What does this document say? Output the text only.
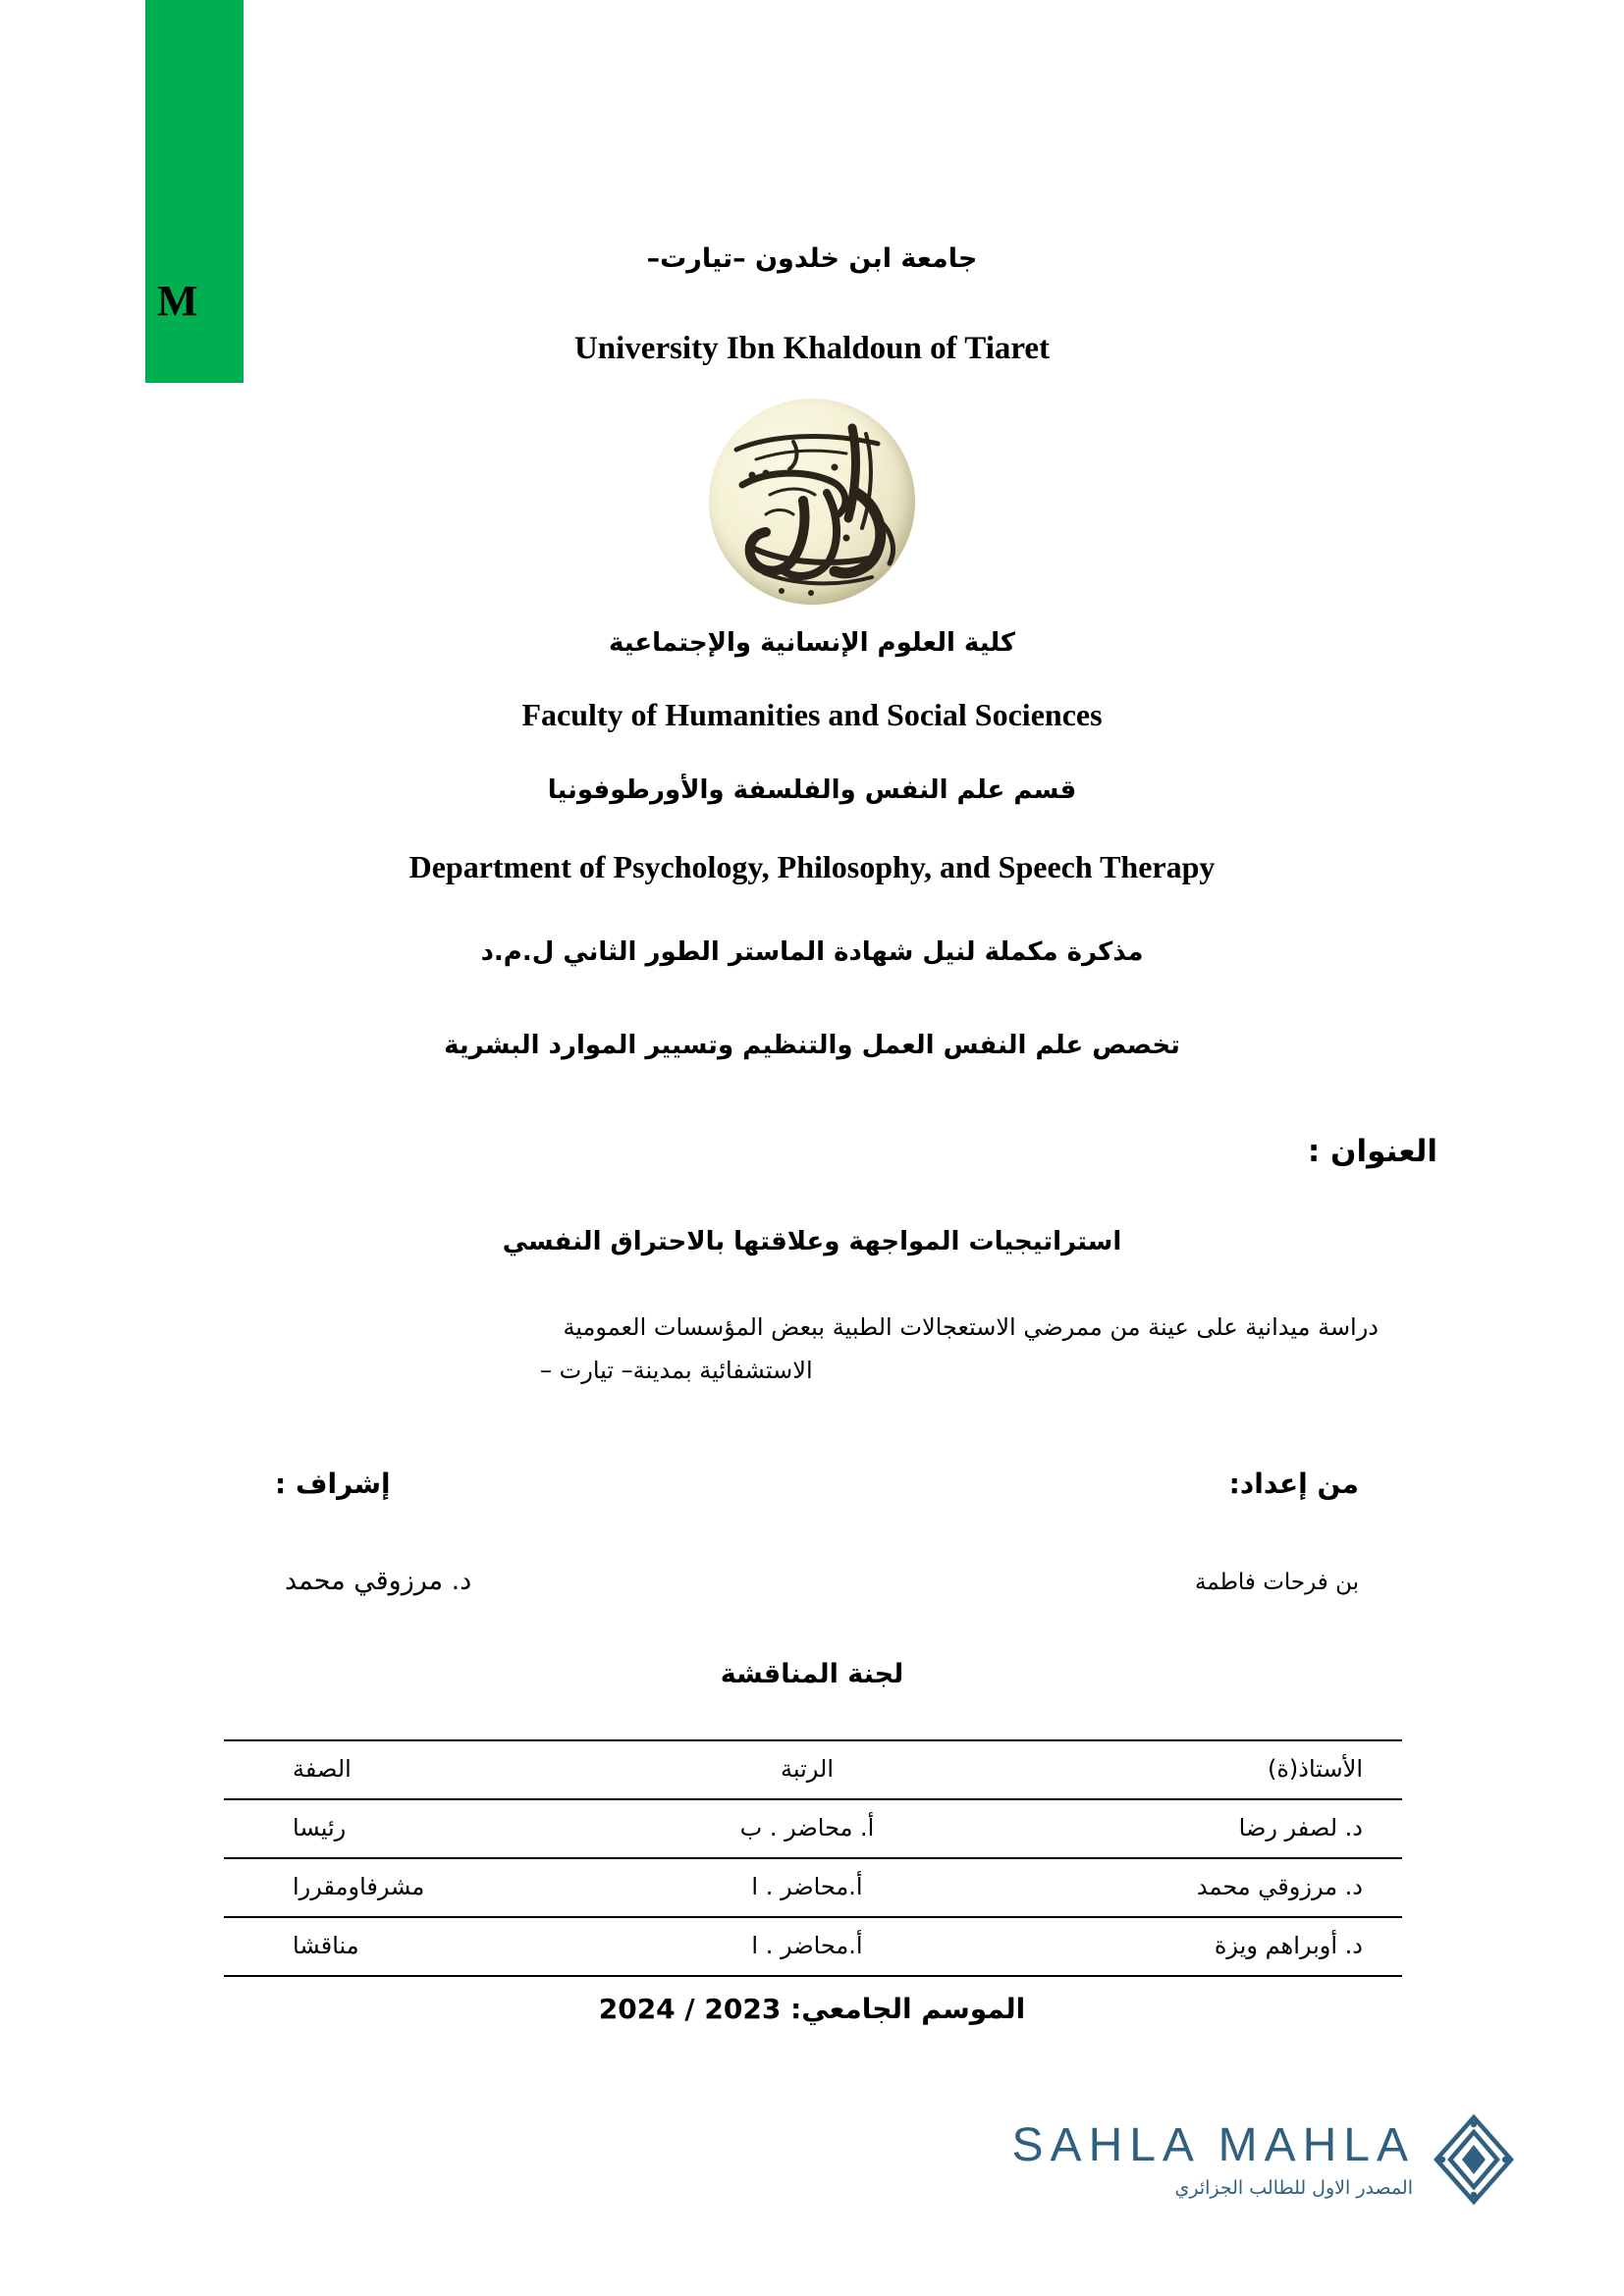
M
جامعة ابن خلدون –تيارت–
University Ibn Khaldoun of Tiaret
كلية العلوم الإنسانية والإجتماعية
Faculty of Humanities and Social Sociences
قسم علم النفس والفلسفة والأورطوفونيا
Department of Psychology, Philosophy, and Speech Therapy
مذكرة مكملة لنيل شهادة الماستر الطور الثاني ل.م.د
تخصص علم النفس العمل والتنظيم وتسيير الموارد البشرية
العنوان :
استراتيجيات المواجهة وعلاقتها بالاحتراق النفسي
دراسة ميدانية على عينة من ممرضي الاستعجالات الطبية ببعض المؤسسات العمومية
الاستشفائية بمدينة– تيارت –
من إعداد:
إشراف :
بن فرحات فاطمة
د. مرزوقي محمد
لجنة المناقشة
الأستاذ(ة)	الرتبة	الصفة
د. لصفر رضا	أ. محاضر . ب	رئيسا
د. مرزوقي محمد	أ.محاضر . ا	مشرفاومقررا
د. أوبراهم ويزة	أ.محاضر . ا	مناقشا
الموسم الجامعي: 2023 / 2024
SAHLA MAHLA
المصدر الاول للطالب الجزائري
